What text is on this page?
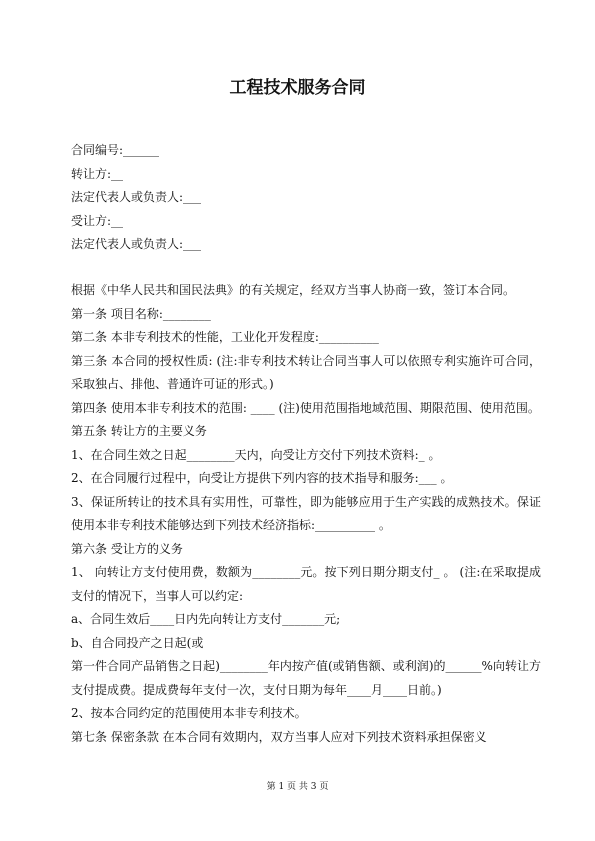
工程技术服务合同
合同编号:______
转让方:__
法定代表人或负责人:___
受让方:__
法定代表人或负责人:___
根据《中华人民共和国民法典》的有关规定，经双方当事人协商一致，签订本合同。
第一条 项目名称:________
第二条 本非专利技术的性能，工业化开发程度:__________
第三条 本合同的授权性质: (注:非专利技术转让合同当事人可以依照专利实施许可合同，采取独占、排他、普通许可证的形式。)
第四条 使用本非专利技术的范围: ____ (注)使用范围指地域范围、期限范围、使用范围。
第五条 转让方的主要义务
1、在合同生效之日起________天内，向受让方交付下列技术资料:_ 。
2、在合同履行过程中，向受让方提供下列内容的技术指导和服务:___ 。
3、保证所转让的技术具有实用性，可靠性，即为能够应用于生产实践的成熟技术。保证使用本非专利技术能够达到下列技术经济指标:__________ 。
第六条 受让方的义务
1、 向转让方支付使用费，数额为________元。按下列日期分期支付_ 。 (注:在采取提成支付的情况下，当事人可以约定:
a、合同生效后____日内先向转让方支付_______元;
b、自合同投产之日起(或
第一件合同产品销售之日起)________年内按产值(或销售额、或利润)的______%向转让方支付提成费。提成费每年支付一次，支付日期为每年____月____日前。)
2、按本合同约定的范围使用本非专利技术。
第七条 保密条款 在本合同有效期内，双方当事人应对下列技术资料承担保密义
第 1 页 共 3 页
